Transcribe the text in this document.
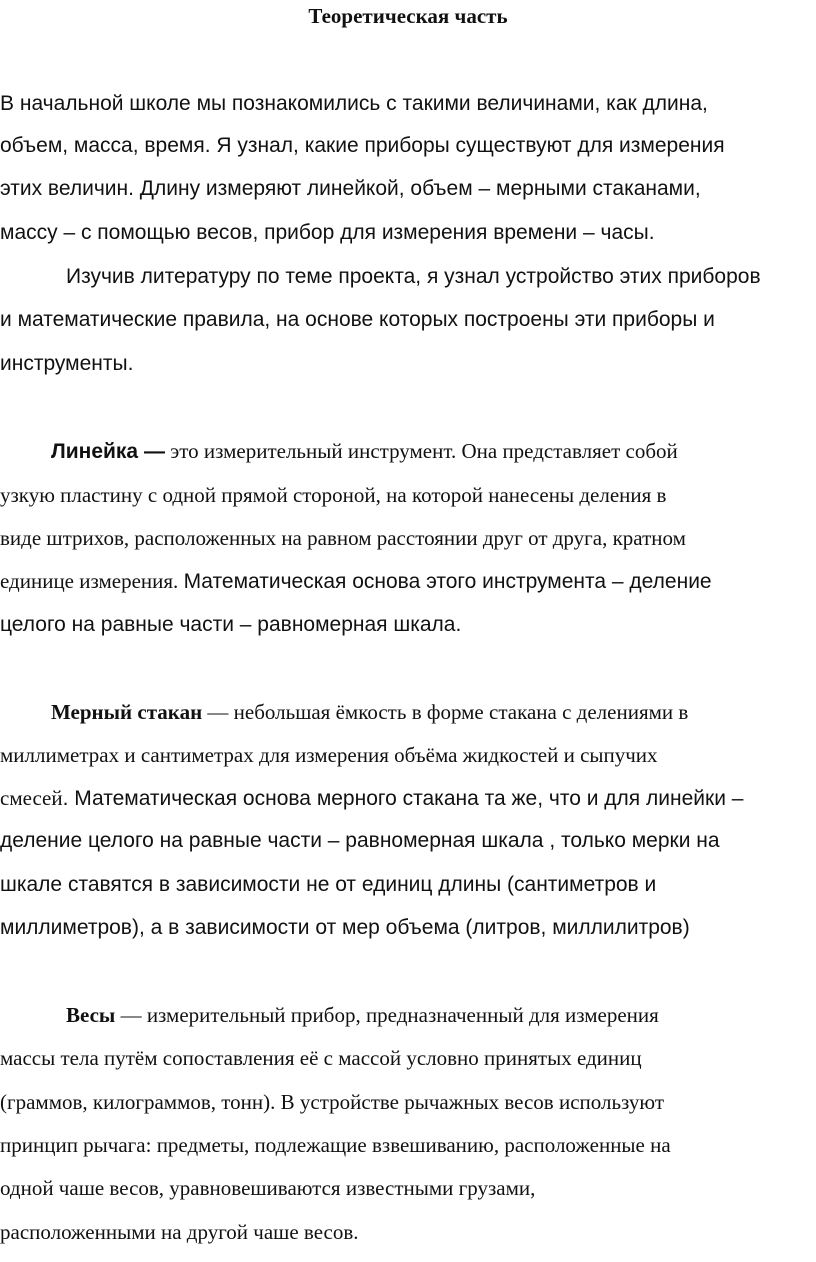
Теоретическая часть
В начальной школе мы познакомились с такими величинами, как длина,
объем, масса, время. Я узнал, какие приборы существуют для измерения
этих величин. Длину измеряют линейкой, объем – мерными стаканами,
массу – с помощью весов, прибор для измерения времени – часы.
Изучив литературу по теме проекта, я узнал устройство этих приборов
и математические правила, на основе которых построены эти приборы и
инструменты.
Линейка — это измерительный инструмент. Она представляет собой
узкую пластину с одной прямой стороной, на которой нанесены деления в
виде штрихов, расположенных на равном расстоянии друг от друга, кратном
единице измерения. Математическая основа этого инструмента – деление
целого на равные части – равномерная шкала.
Мерный стакан — небольшая ёмкость в форме стакана с делениями в
миллиметрах и сантиметрах для измерения объёма жидкостей и сыпучих
смесей. Математическая основа мерного стакана та же, что и для линейки –
деление целого на равные части – равномерная шкала , только мерки на
шкале ставятся в зависимости не от единиц длины (сантиметров и
миллиметров), а в зависимости от мер объема (литров, миллилитров)
Весы — измерительный прибор, предназначенный для измерения
массы тела путём сопоставления её с массой условно принятых единиц
(граммов, килограммов, тонн). В устройстве рычажных весов используют
принцип рычага: предметы, подлежащие взвешиванию, расположенные на
одной чаше весов, уравновешиваются известными грузами,
расположенными на другой чаше весов.
